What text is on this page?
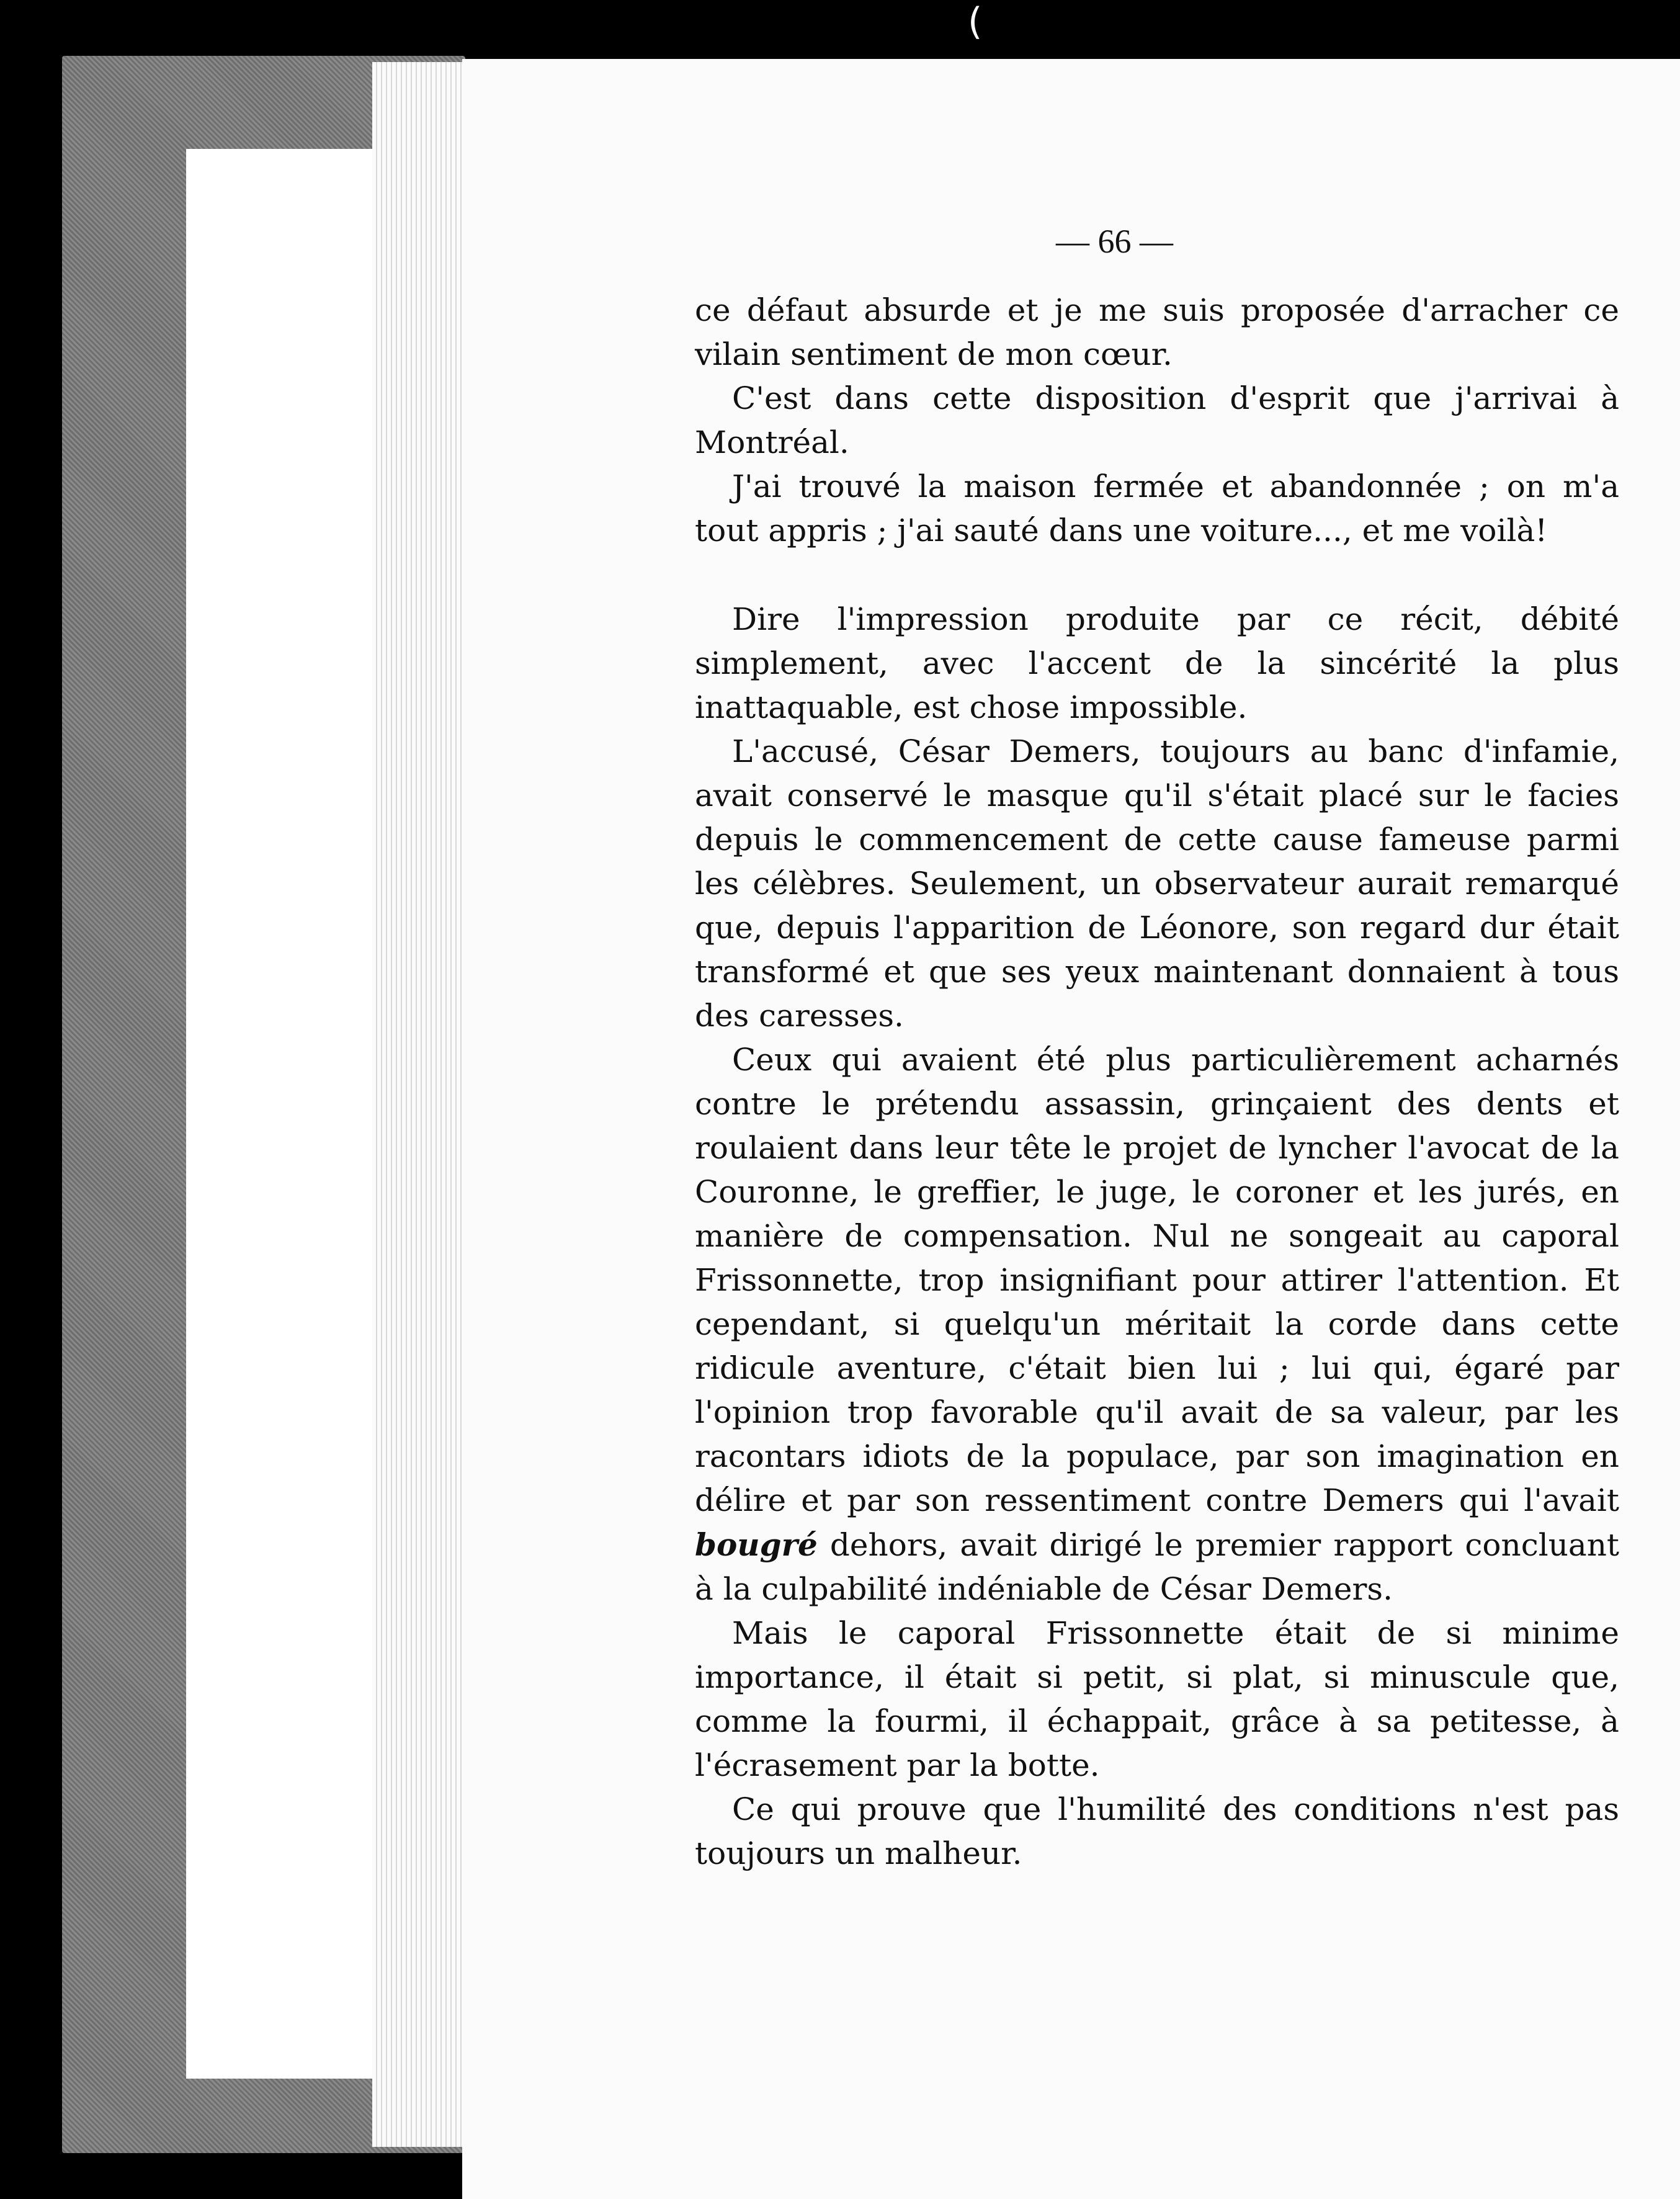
— 66 —

ce défaut absurde et je me suis proposée d'arracher ce vilain sentiment de mon cœur.

C'est dans cette disposition d'esprit que j'arrivai à Montréal.

J'ai trouvé la maison fermée et abandonnée ; on m'a tout appris ; j'ai sauté dans une voiture..., et me voilà!

Dire l'impression produite par ce récit, débité simplement, avec l'accent de la sincérité la plus inattaquable, est chose impossible.

L'accusé, César Demers, toujours au banc d'infamie, avait conservé le masque qu'il s'était placé sur le facies depuis le commencement de cette cause fameuse parmi les célèbres. Seulement, un observateur aurait remarqué que, depuis l'apparition de Léonore, son regard dur était transformé et que ses yeux maintenant donnaient à tous des caresses.

Ceux qui avaient été plus particulièrement acharnés contre le prétendu assassin, grinçaient des dents et roulaient dans leur tête le projet de lyncher l'avocat de la Couronne, le greffier, le juge, le coroner et les jurés, en manière de compensation. Nul ne songeait au caporal Frissonnette, trop insignifiant pour attirer l'attention. Et cependant, si quelqu'un méritait la corde dans cette ridicule aventure, c'était bien lui ; lui qui, égaré par l'opinion trop favorable qu'il avait de sa valeur, par les racontars idiots de la populace, par son imagination en délire et par son ressentiment contre Demers qui l'avait bougré dehors, avait dirigé le premier rapport concluant à la culpabilité indéniable de César Demers.

Mais le caporal Frissonnette était de si minime importance, il était si petit, si plat, si minuscule que, comme la fourmi, il échappait, grâce à sa petitesse, à l'écrasement par la botte.

Ce qui prouve que l'humilité des conditions n'est pas toujours un malheur.

(
